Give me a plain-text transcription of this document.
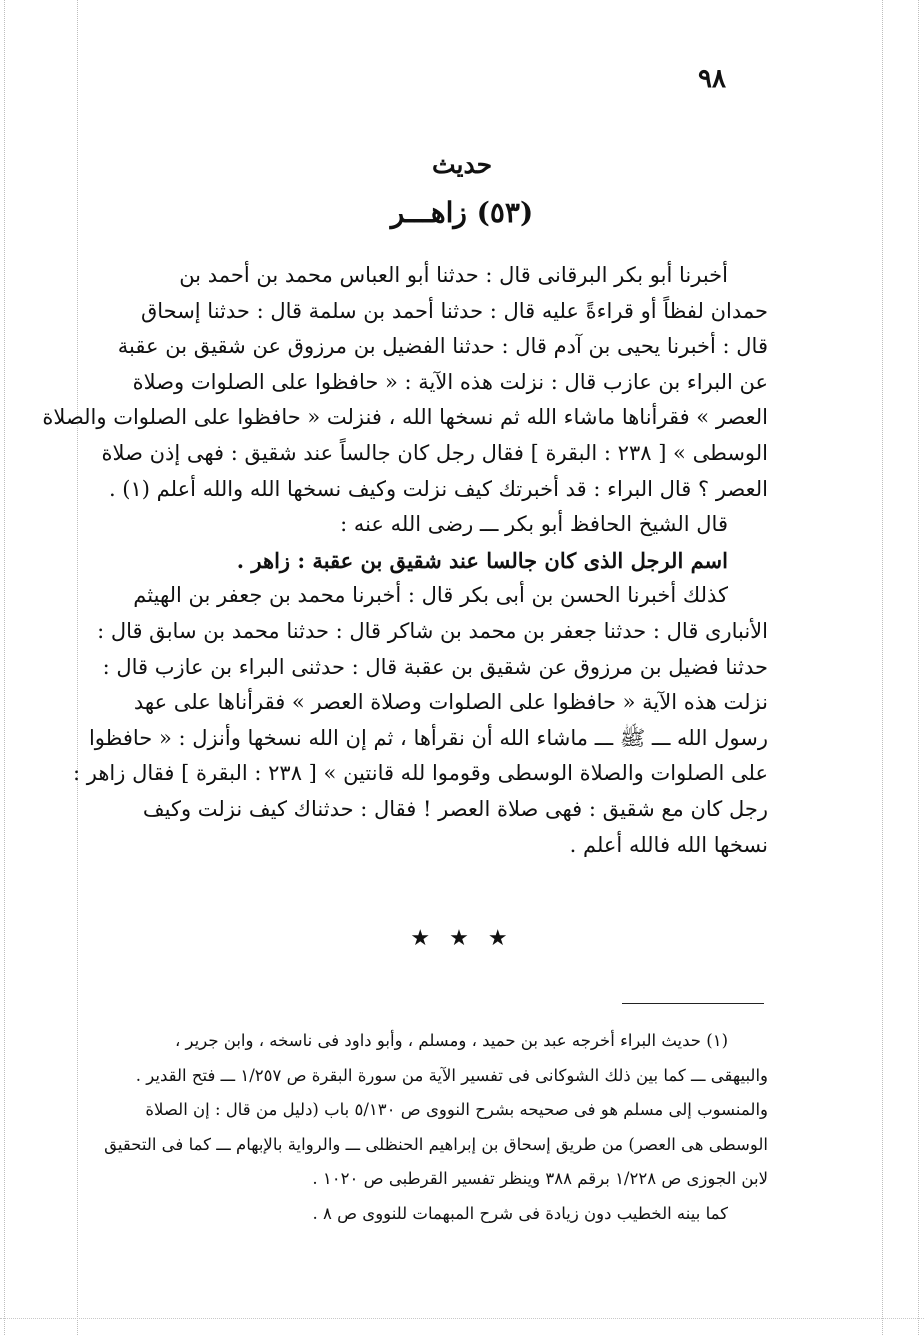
٩٨
حديث
(٥٣) زاهـــر
أخبرنا أبو بكر البرقانى قال : حدثنا أبو العباس محمد بن أحمد بن
حمدان لفظاً أو قراءةً عليه قال : حدثنا أحمد بن سلمة قال : حدثنا إسحاق
قال : أخبرنا يحيى بن آدم قال : حدثنا الفضيل بن مرزوق عن شقيق بن عقبة
عن البراء بن عازب قال : نزلت هذه الآية : « حافظوا على الصلوات وصلاة
العصر » فقرأناها ماشاء الله ثم نسخها الله ، فنزلت « حافظوا على الصلوات والصلاة
الوسطى » [ ٢٣٨ : البقرة ] فقال رجل كان جالساً عند شقيق : فهى إذن صلاة
العصر ؟ قال البراء : قد أخبرتك كيف نزلت وكيف نسخها الله والله أعلم (١) .
قال الشيخ الحافظ أبو بكر ـــ رضى الله عنه :
اسم الرجل الذى كان جالسا عند شقيق بن عقبة : زاهر .
كذلك أخبرنا الحسن بن أبى بكر قال : أخبرنا محمد بن جعفر بن الهيثم
الأنبارى قال : حدثنا جعفر بن محمد بن شاكر قال : حدثنا محمد بن سابق قال :
حدثنا فضيل بن مرزوق عن شقيق بن عقبة قال : حدثنى البراء بن عازب قال :
نزلت هذه الآية « حافظوا على الصلوات وصلاة العصر » فقرأناها على عهد
رسول الله ـــ ﷺ ـــ ماشاء الله أن نقرأها ، ثم إن الله نسخها وأنزل : « حافظوا
على الصلوات والصلاة الوسطى وقوموا لله قانتين » [ ٢٣٨ : البقرة ] فقال زاهر :
رجل كان مع شقيق : فهى صلاة العصر ! فقال : حدثناك كيف نزلت وكيف
نسخها الله فالله أعلم .
★ ★ ★
(١) حديث البراء أخرجه عبد بن حميد ، ومسلم ، وأبو داود فى ناسخه ، وابن جرير ،
والبيهقى ـــ كما بين ذلك الشوكانى فى تفسير الآية من سورة البقرة ص ١/٢٥٧ ـــ فتح القدير .
والمنسوب إلى مسلم هو فى صحيحه بشرح النووى ص ٥/١٣٠ باب (دليل من قال : إن الصلاة
الوسطى هى العصر) من طريق إسحاق بن إبراهيم الحنظلى ـــ والرواية بالإبهام ـــ كما فى التحقيق
لابن الجوزى ص ١/٢٢٨ برقم ٣٨٨ وينظر تفسير القرطبى ص ١٠٢٠ .
كما بينه الخطيب دون زيادة فى شرح المبهمات للنووى ص ٨ .
